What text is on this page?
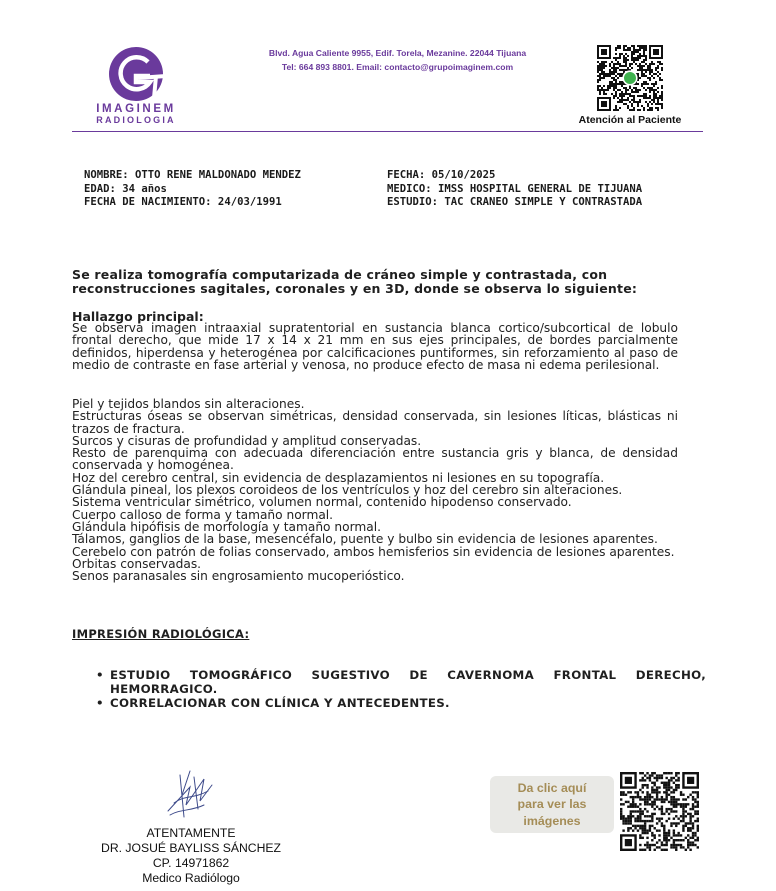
IMAGINEM
RADIOLOGIA
Blvd. Agua Caliente 9955, Edif. Torela, Mezanine. 22044 Tijuana
Tel: 664 893 8801. Email: contacto@grupoimaginem.com
Atención al Paciente
NOMBRE: OTTO RENE MALDONADO MENDEZ
EDAD: 34 años
FECHA DE NACIMIENTO: 24/03/1991
FECHA: 05/10/2025
MEDICO: IMSS HOSPITAL GENERAL DE TIJUANA
ESTUDIO: TAC CRANEO SIMPLE Y CONTRASTADA
Se realiza tomografía computarizada de cráneo simple y contrastada, con
reconstrucciones sagitales, coronales y en 3D, donde se observa lo siguiente:
Hallazgo principal:
Se observa imagen intraaxial supratentorial en sustancia blanca cortico/subcortical de lobulo frontal derecho, que mide 17 x 14 x 21 mm en sus ejes principales, de bordes parcialmente definidos, hiperdensa y heterogénea por calcificaciones puntiformes, sin reforzamiento al paso de medio de contraste en fase arterial y venosa, no produce efecto de masa ni edema perilesional.

Piel y tejidos blandos sin alteraciones.

Estructuras óseas se observan simétricas, densidad conservada, sin lesiones líticas, blásticas ni trazos de fractura.

Surcos y cisuras de profundidad y amplitud conservadas.

Resto de parenquima con adecuada diferenciación entre sustancia gris y blanca, de densidad conservada y homogénea.

Hoz del cerebro central, sin evidencia de desplazamientos ni lesiones en su topografía.

Glándula pineal, los plexos coroideos de los ventrículos y hoz del cerebro sin alteraciones.

Sistema ventricular simétrico, volumen normal, contenido hipodenso conservado.

Cuerpo calloso de forma y tamaño normal.

Glándula hipófisis de morfología y tamaño normal.

Tálamos, ganglios de la base, mesencéfalo, puente y bulbo sin evidencia de lesiones aparentes.

Cerebelo con patrón de folias conservado, ambos hemisferios sin evidencia de lesiones aparentes.

Orbitas conservadas.

Senos paranasales sin engrosamiento mucoperióstico.

IMPRESIÓN RADIOLÓGICA:
• ESTUDIO TOMOGRÁFICO SUGESTIVO DE CAVERNOMA FRONTAL DERECHO, HEMORRAGICO.
• CORRELACIONAR CON CLÍNICA Y ANTECEDENTES.
ATENTAMENTE
DR. JOSUÉ BAYLISS SÁNCHEZ
CP. 14971862
Medico Radiólogo
Da clic aquí para ver las imágenes
